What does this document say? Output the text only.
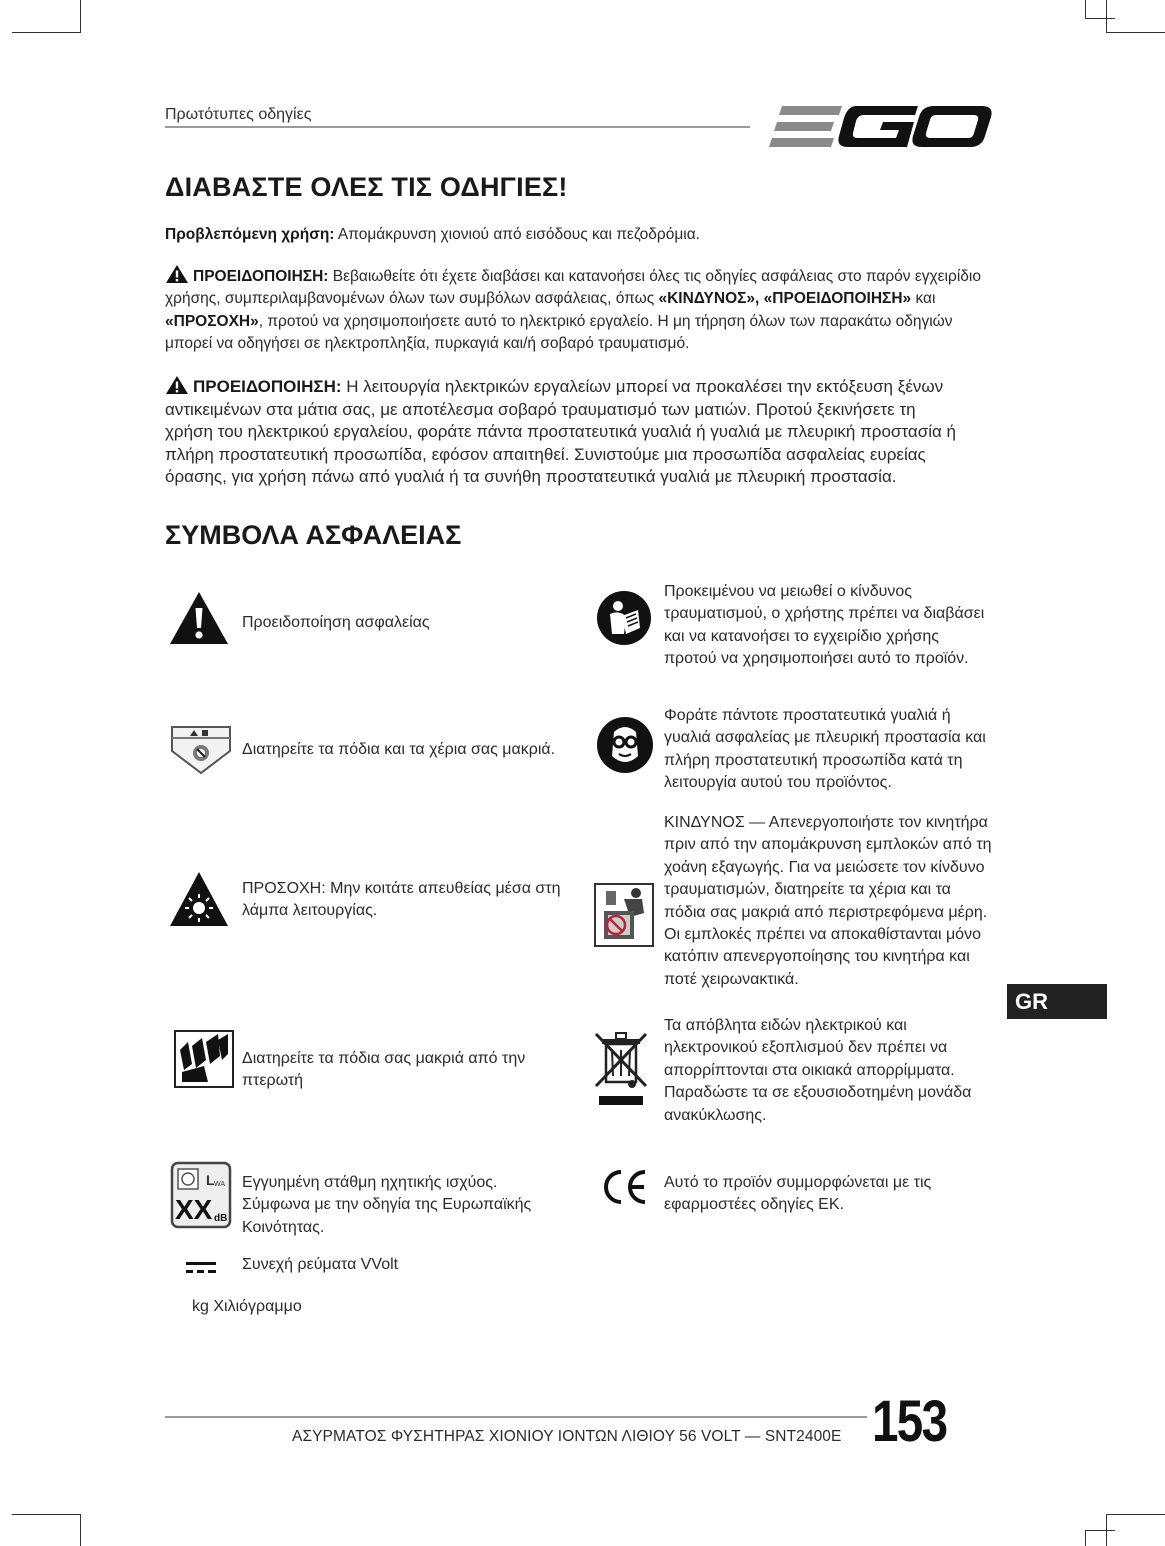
Πρωτότυπες οδηγίες
ΔΙΑΒΑΣΤΕ ΟΛΕΣ ΤΙΣ ΟΔΗΓΙΕΣ!
Προβλεπόμενη χρήση: Απομάκρυνση χιονιού από εισόδους και πεζοδρόμια.
ΠΡΟΕΙΔΟΠΟΙΗΣΗ: Βεβαιωθείτε ότι έχετε διαβάσει και κατανοήσει όλες τις οδηγίες ασφάλειας στο παρόν εγχειρίδιο χρήσης, συμπεριλαμβανομένων όλων των συμβόλων ασφάλειας, όπως «ΚΙΝΔΥΝΟΣ», «ΠΡΟΕΙΔΟΠΟΙΗΣΗ» και «ΠΡΟΣΟΧΗ», προτού να χρησιμοποιήσετε αυτό το ηλεκτρικό εργαλείο. Η μη τήρηση όλων των παρακάτω οδηγιών μπορεί να οδηγήσει σε ηλεκτροπληξία, πυρκαγιά και/ή σοβαρό τραυματισμό.
ΠΡΟΕΙΔΟΠΟΙΗΣΗ: Η λειτουργία ηλεκτρικών εργαλείων μπορεί να προκαλέσει την εκτόξευση ξένων αντικειμένων στα μάτια σας, με αποτέλεσμα σοβαρό τραυματισμό των ματιών. Προτού ξεκινήσετε τη χρήση του ηλεκτρικού εργαλείου, φοράτε πάντα προστατευτικά γυαλιά ή γυαλιά με πλευρική προστασία ή πλήρη προστατευτική προσωπίδα, εφόσον απαιτηθεί. Συνιστούμε μια προσωπίδα ασφαλείας ευρείας όρασης, για χρήση πάνω από γυαλιά ή τα συνήθη προστατευτικά γυαλιά με πλευρική προστασία.
ΣΥΜΒΟΛΑ ΑΣΦΑΛΕΙΑΣ
Προειδοποίηση ασφαλείας
Διατηρείτε τα πόδια και τα χέρια σας μακριά.
ΠΡΟΣΟΧΗ: Μην κοιτάτε απευθείας μέσα στη λάμπα λειτουργίας.
Διατηρείτε τα πόδια σας μακριά από την πτερωτή
L WA
XX dB
Εγγυημένη στάθμη ηχητικής ισχύος. Σύμφωνα με την οδηγία της Ευρωπαϊκής Κοινότητας.
Συνεχή ρεύματα VVolt
kg Χιλιόγραμμο
Προκειμένου να μειωθεί ο κίνδυνος τραυματισμού, ο χρήστης πρέπει να διαβάσει και να κατανοήσει το εγχειρίδιο χρήσης προτού να χρησιμοποιήσει αυτό το προϊόν.
Φοράτε πάντοτε προστατευτικά γυαλιά ή γυαλιά ασφαλείας με πλευρική προστασία και πλήρη προστατευτική προσωπίδα κατά τη λειτουργία αυτού του προϊόντος.
ΚΙΝΔΥΝΟΣ — Απενεργοποιήστε τον κινητήρα πριν από την απομάκρυνση εμπλοκών από τη χοάνη εξαγωγής. Για να μειώσετε τον κίνδυνο τραυματισμών, διατηρείτε τα χέρια και τα πόδια σας μακριά από περιστρεφόμενα μέρη. Οι εμπλοκές πρέπει να αποκαθίστανται μόνο κατόπιν απενεργοποίησης του κινητήρα και ποτέ χειρωνακτικά.
Τα απόβλητα ειδών ηλεκτρικού και ηλεκτρονικού εξοπλισμού δεν πρέπει να απορρίπτονται στα οικιακά απορρίμματα. Παραδώστε τα σε εξουσιοδοτημένη μονάδα ανακύκλωσης.
Αυτό το προϊόν συμμορφώνεται με τις εφαρμοστέες οδηγίες ΕΚ.
GR
ΑΣΥΡΜΑΤΟΣ ΦΥΣΗΤΗΡΑΣ ΧΙΟΝΙΟΥ ΙΟΝΤΩΝ ΛΙΘΙΟΥ 56 VOLT — SNT2400E 153
